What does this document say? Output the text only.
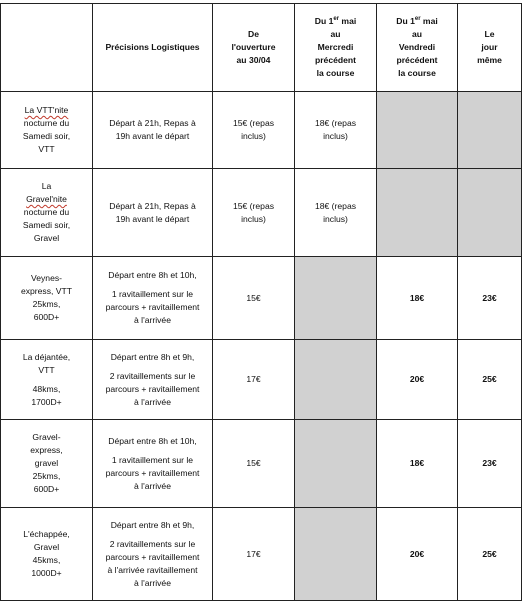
	Précisions Logistiques	De
l'ouverture
au 30/04	Du 1er mai
au
Mercredi
précédent
la course	Du 1er mai
au
Vendredi
précédent
la course	Le
jour
même

La VTT'nite
nocturne du
Samedi soir,
VTT	Départ à 21h, Repas à
19h avant le départ	15€ (repas
inclus)	18€ (repas
inclus)		

La
Gravel'nite
nocturne du
Samedi soir,
Gravel	Départ à 21h, Repas à
19h avant le départ	15€ (repas
inclus)	18€ (repas
inclus)		

Veynes-
express, VTT
25kms,
600D+	Départ entre 8h et 10h,
1 ravitaillement sur le
parcours + ravitaillement
à l'arrivée	15€		18€	23€

La déjantée,
VTT
48kms,
1700D+	Départ entre 8h et 9h,
2 ravitaillements sur le
parcours + ravitaillement
à l'arrivée	17€		20€	25€

Gravel-
express,
gravel
25kms,
600D+	Départ entre 8h et 10h,
1 ravitaillement sur le
parcours + ravitaillement
à l'arrivée	15€		18€	23€

L'échappée,
Gravel
45kms,
1000D+	Départ entre 8h et 9h,
2 ravitaillements sur le
parcours + ravitaillement
à l'arrivée ravitaillement
à l'arrivée	17€		20€	25€
